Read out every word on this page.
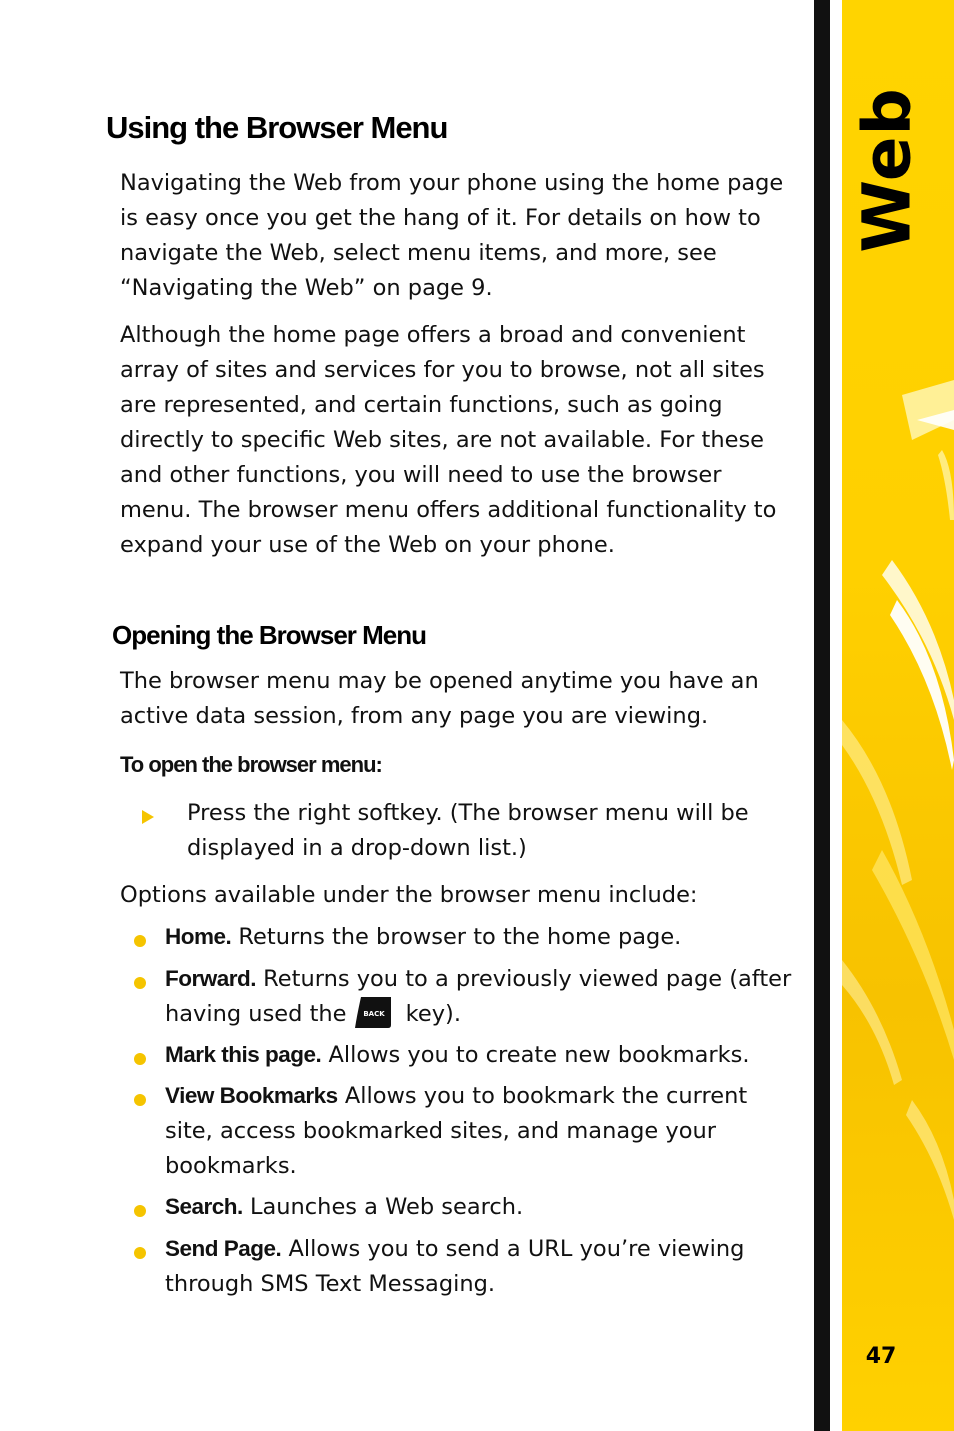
Web
47
Using the Browser Menu

Navigating the Web from your phone using the home page is easy once you get the hang of it. For details on how to navigate the Web, select menu items, and more, see “Navigating the Web” on page 9.

Although the home page offers a broad and convenient array of sites and services for you to browse, not all sites are represented, and certain functions, such as going directly to specific Web sites, are not available. For these and other functions, you will need to use the browser menu. The browser menu offers additional functionality to expand your use of the Web on your phone.

Opening the Browser Menu

The browser menu may be opened anytime you have an active data session, from any page you are viewing.

To open the browser menu:

Press the right softkey. (The browser menu will be displayed in a drop-down list.)

Options available under the browser menu include:

Home. Returns the browser to the home page.

Forward. Returns you to a previously viewed page (after having used the BACK key).

Mark this page. Allows you to create new bookmarks.

View Bookmarks Allows you to bookmark the current site, access bookmarked sites, and manage your bookmarks.

Search. Launches a Web search.

Send Page. Allows you to send a URL you’re viewing through SMS Text Messaging.
